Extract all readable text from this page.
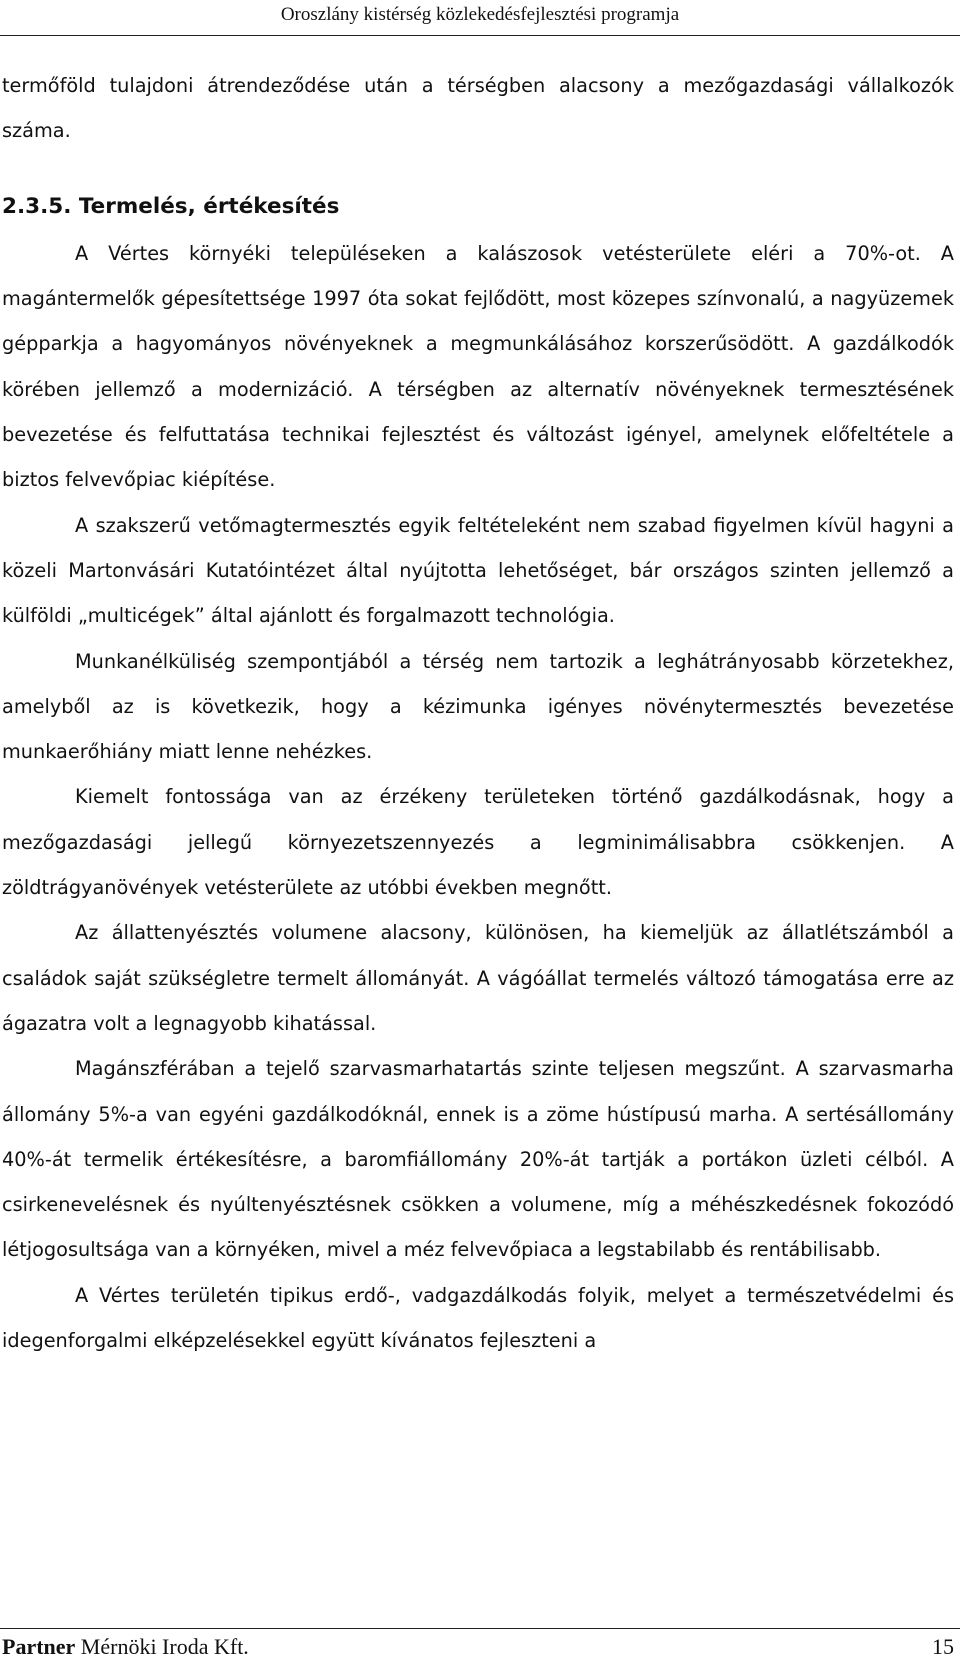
Oroszlány kistérség közlekedésfejlesztési programja

termőföld tulajdoni átrendeződése után a térségben alacsony a mezőgazdasági vállalkozók száma.

2.3.5. Termelés, értékesítés

A Vértes környéki településeken a kalászosok vetésterülete eléri a 70%-ot. A magántermelők gépesítettsége 1997 óta sokat fejlődött, most közepes színvonalú, a nagyüzemek gépparkja a hagyományos növényeknek a megmunkálásához korszerűsödött. A gazdálkodók körében jellemző a modernizáció. A térségben az alternatív növényeknek termesztésének bevezetése és felfuttatása technikai fejlesztést és változást igényel, amelynek előfeltétele a biztos felvevőpiac kiépítése.

A szakszerű vetőmagtermesztés egyik feltételeként nem szabad figyelmen kívül hagyni a közeli Martonvásári Kutatóintézet által nyújtotta lehetőséget, bár országos szinten jellemző a külföldi „multicégek” által ajánlott és forgalmazott technológia.

Munkanélküliség szempontjából a térség nem tartozik a leghátrányosabb körzetekhez, amelyből az is következik, hogy a kézimunka igényes növénytermesztés bevezetése munkaerőhiány miatt lenne nehézkes.

Kiemelt fontossága van az érzékeny területeken történő gazdálkodásnak, hogy a mezőgazdasági jellegű környezetszennyezés a legminimálisabbra csökkenjen. A zöldtrágyanövények vetésterülete az utóbbi években megnőtt.

Az állattenyésztés volumene alacsony, különösen, ha kiemeljük az állatlétszámból a családok saját szükségletre termelt állományát. A vágóállat termelés változó támogatása erre az ágazatra volt a legnagyobb kihatással.

Magánszférában a tejelő szarvasmarhatartás szinte teljesen megszűnt. A szarvasmarha állomány 5%-a van egyéni gazdálkodóknál, ennek is a zöme hústípusú marha. A sertésállomány 40%-át termelik értékesítésre, a baromfiállomány 20%-át tartják a portákon üzleti célból. A csirkenevelésnek és nyúltenyésztésnek csökken a volumene, míg a méhészkedésnek fokozódó létjogosultsága van a környéken, mivel a méz felvevőpiaca a legstabilabb és rentábilisabb.

A Vértes területén tipikus erdő-, vadgazdálkodás folyik, melyet a természetvédelmi és idegenforgalmi elképzelésekkel együtt kívánatos fejleszteni a

Partner Mérnöki Iroda Kft.	15
